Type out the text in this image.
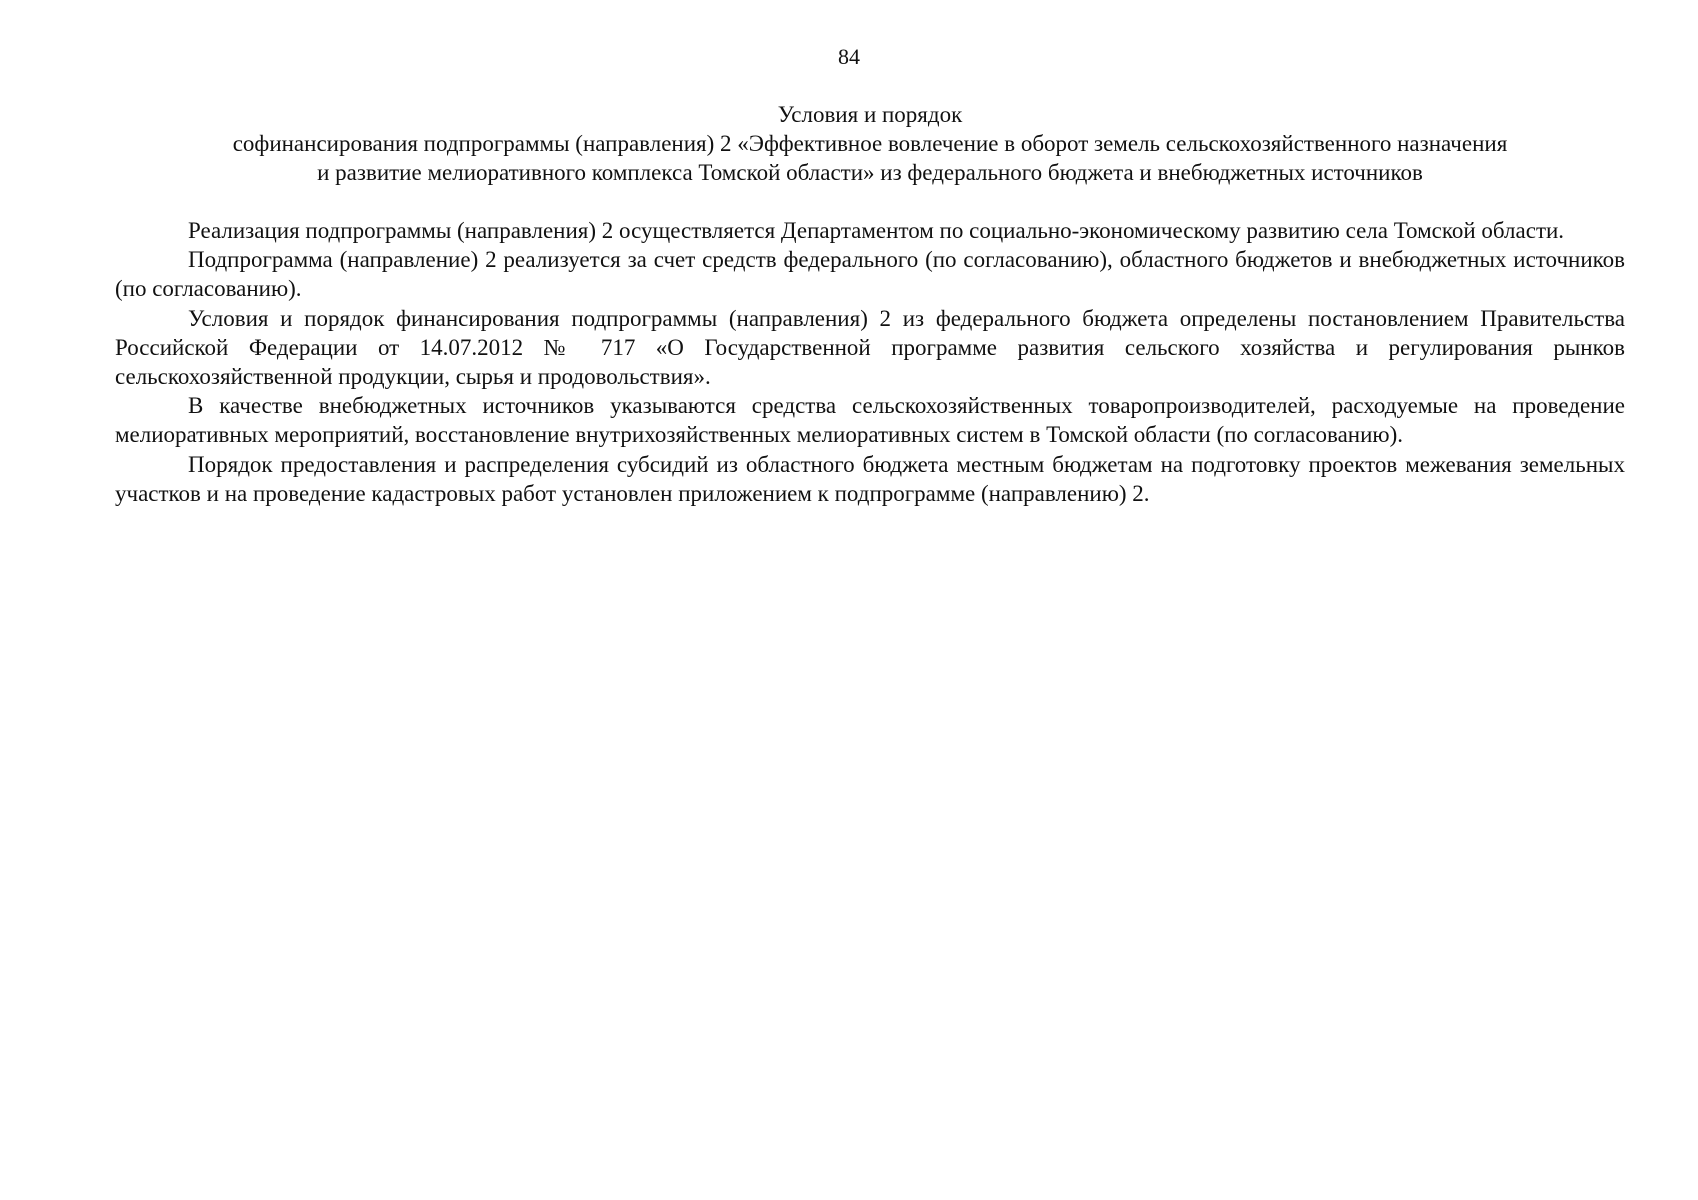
84
Условия и порядок
софинансирования подпрограммы (направления) 2 «Эффективное вовлечение в оборот земель сельскохозяйственного назначения
и развитие мелиоративного комплекса Томской области» из федерального бюджета и внебюджетных источников

Реализация подпрограммы (направления) 2 осуществляется Департаментом по социально-экономическому развитию села Томской области.

Подпрограмма (направление) 2 реализуется за счет средств федерального (по согласованию), областного бюджетов и внебюджетных источников (по согласованию).

Условия и порядок финансирования подпрограммы (направления) 2 из федерального бюджета определены постановлением Правительства Российской Федерации от 14.07.2012 № 717 «О Государственной программе развития сельского хозяйства и регулирования рынков сельскохозяйственной продукции, сырья и продовольствия».

В качестве внебюджетных источников указываются средства сельскохозяйственных товаропроизводителей, расходуемые на проведение мелиоративных мероприятий, восстановление внутрихозяйственных мелиоративных систем в Томской области (по согласованию).

Порядок предоставления и распределения субсидий из областного бюджета местным бюджетам на подготовку проектов межевания земельных участков и на проведение кадастровых работ установлен приложением к подпрограмме (направлению) 2.
